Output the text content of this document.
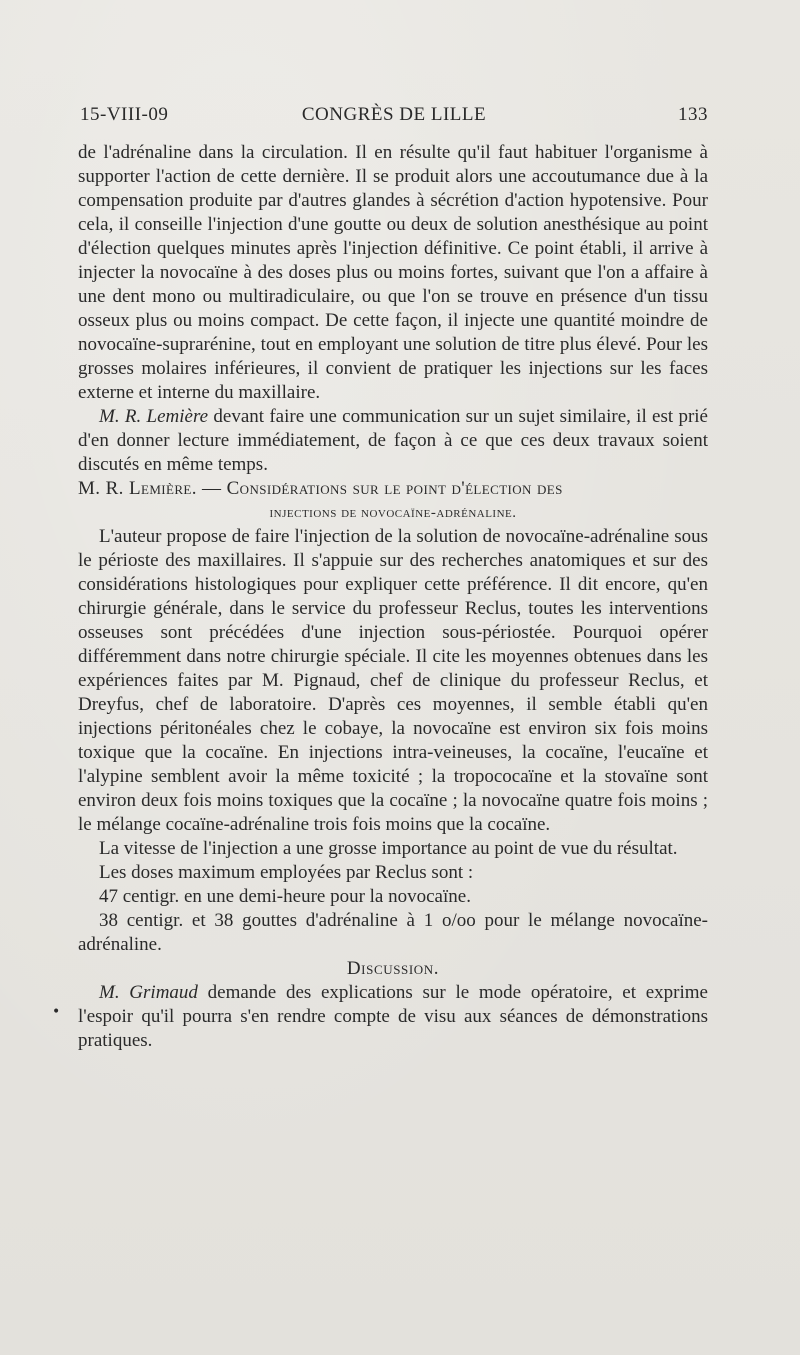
15-VIII-09	CONGRÈS DE LILLE	133
•

de l'adrénaline dans la circulation. Il en résulte qu'il faut habituer l'organisme à supporter l'action de cette dernière. Il se produit alors une accoutumance due à la compensation produite par d'autres glandes à sécrétion d'action hypotensive. Pour cela, il conseille l'injection d'une goutte ou deux de solution anesthésique au point d'élection quelques minutes après l'injection définitive. Ce point établi, il arrive à injecter la novocaïne à des doses plus ou moins fortes, suivant que l'on a affaire à une dent mono ou multiradiculaire, ou que l'on se trouve en présence d'un tissu osseux plus ou moins compact. De cette façon, il injecte une quantité moindre de novocaïne-suprarénine, tout en employant une solution de titre plus élevé. Pour les grosses molaires inférieures, il convient de pratiquer les injections sur les faces externe et interne du maxillaire.

M. R. Lemière devant faire une communication sur un sujet similaire, il est prié d'en donner lecture immédiatement, de façon à ce que ces deux travaux soient discutés en même temps.

M. R. Lemière. — Considérations sur le point d'élection des

injections de novocaïne-adrénaline.

L'auteur propose de faire l'injection de la solution de novocaïne-adrénaline sous le périoste des maxillaires. Il s'appuie sur des recherches anatomiques et sur des considérations histologiques pour expliquer cette préférence. Il dit encore, qu'en chirurgie générale, dans le service du professeur Reclus, toutes les interventions osseuses sont précédées d'une injection sous-périostée. Pourquoi opérer différemment dans notre chirurgie spéciale. Il cite les moyennes obtenues dans les expériences faites par M. Pignaud, chef de clinique du professeur Reclus, et Dreyfus, chef de laboratoire. D'après ces moyennes, il semble établi qu'en injections péritonéales chez le cobaye, la novocaïne est environ six fois moins toxique que la cocaïne. En injections intra-veineuses, la cocaïne, l'eucaïne et l'alypine semblent avoir la même toxicité ; la tropococaïne et la stovaïne sont environ deux fois moins toxiques que la cocaïne ; la novocaïne quatre fois moins ; le mélange cocaïne-adrénaline trois fois moins que la cocaïne.

La vitesse de l'injection a une grosse importance au point de vue du résultat.

Les doses maximum employées par Reclus sont :

47 centigr. en une demi-heure pour la novocaïne.

38 centigr. et 38 gouttes d'adrénaline à 1 o/oo pour le mélange novocaïne-adrénaline.

Discussion.

M. Grimaud demande des explications sur le mode opératoire, et exprime l'espoir qu'il pourra s'en rendre compte de visu aux séances de démonstrations pratiques.
